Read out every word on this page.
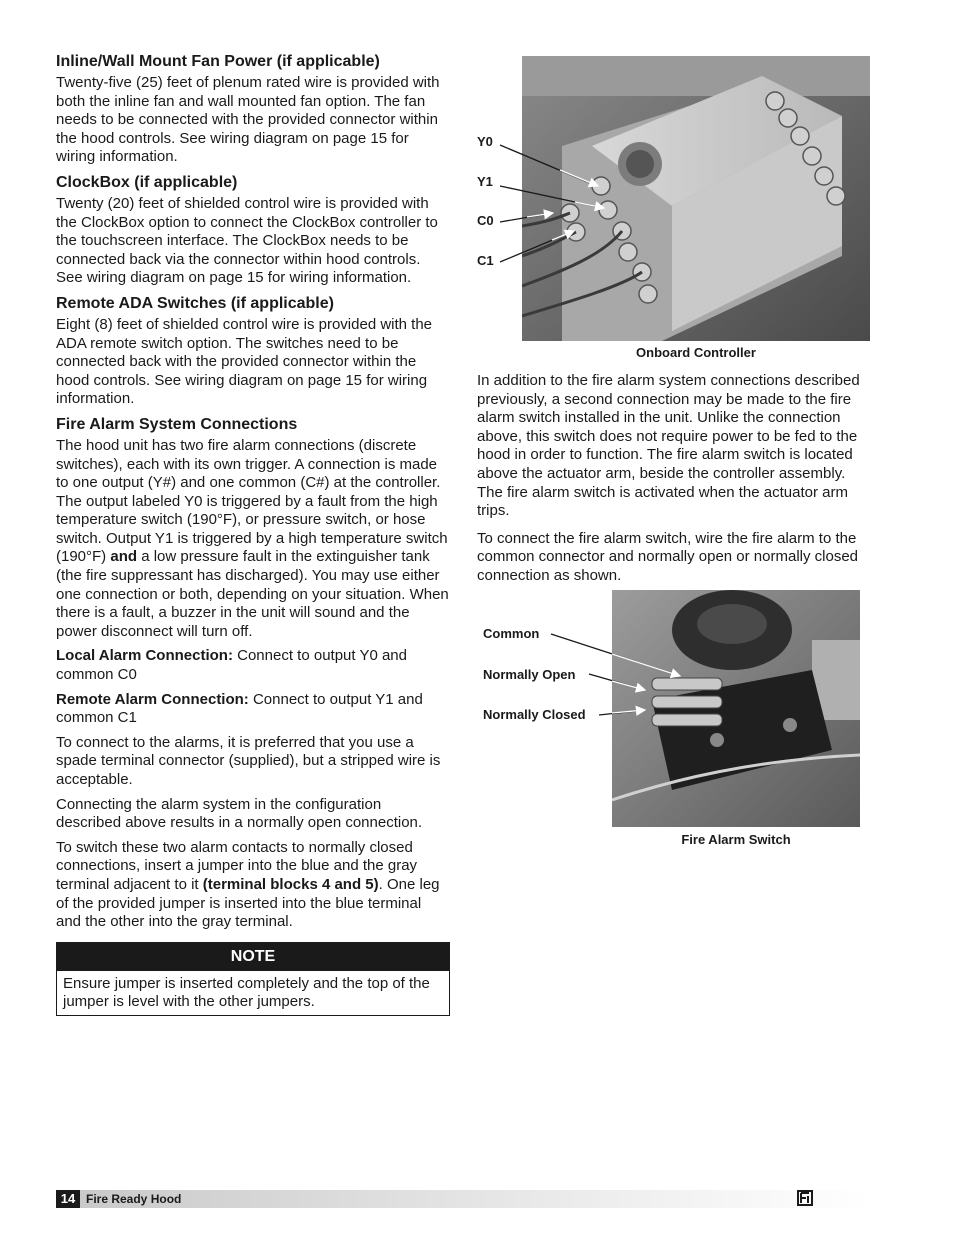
Inline/Wall Mount Fan Power (if applicable)

Twenty-five (25) feet of plenum rated wire is provided with both the inline fan and wall mounted fan option. The fan needs to be connected with the provided connector within the hood controls. See wiring diagram on page 15 for wiring information.

ClockBox (if applicable)

Twenty (20) feet of shielded control wire is provided with the ClockBox option to connect the ClockBox controller to the touchscreen interface. The ClockBox needs to be connected back via the connector within hood controls. See wiring diagram on page 15 for wiring information.

Remote ADA Switches (if applicable)

Eight (8) feet of shielded control wire is provided with the ADA remote switch option. The switches need to be connected back with the provided connector within the hood controls. See wiring diagram on page 15 for wiring information.

Fire Alarm System Connections

The hood unit has two fire alarm connections (discrete switches), each with its own trigger. A connection is made to one output (Y#) and one common (C#) at the controller. The output labeled Y0 is triggered by a fault from the high temperature switch (190°F), or pressure switch, or hose switch. Output Y1 is triggered by a high temperature switch (190°F) and a low pressure fault in the extinguisher tank (the fire suppressant has discharged). You may use either one connection or both, depending on your situation. When there is a fault, a buzzer in the unit will sound and the power disconnect will turn off.

Local Alarm Connection: Connect to output Y0 and common C0

Remote Alarm Connection: Connect to output Y1 and common C1

To connect to the alarms, it is preferred that you use a spade terminal connector (supplied), but a stripped wire is acceptable.

Connecting the alarm system in the configuration described above results in a normally open connection.

To switch these two alarm contacts to normally closed connections, insert a jumper into the blue and the gray terminal adjacent to it (terminal blocks 4 and 5). One leg of the provided jumper is inserted into the blue terminal and the other into the gray terminal.

NOTE
Ensure jumper is inserted completely and the top of the jumper is level with the other jumpers.
Y0
Y1
C0
C1
Onboard Controller

In addition to the fire alarm system connections described previously, a second connection may be made to the fire alarm switch installed in the unit. Unlike the connection above, this switch does not require power to be fed to the hood in order to function. The fire alarm switch is located above the actuator arm, beside the controller assembly. The fire alarm switch is activated when the actuator arm trips.

To connect the fire alarm switch, wire the fire alarm to the common connector and normally open or normally closed connection as shown.

Common
Normally Open
Normally Closed
Fire Alarm Switch
14 Fire Ready Hood
